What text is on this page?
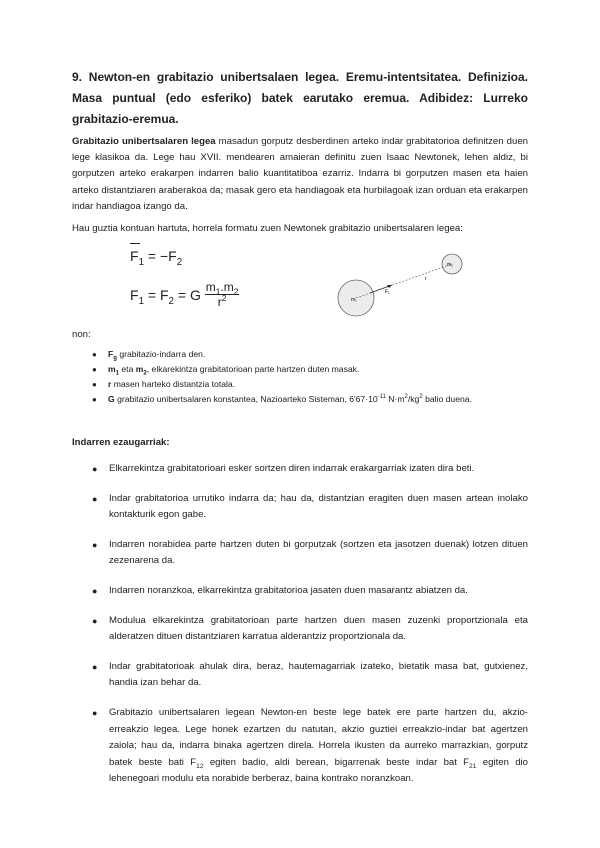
9. Newton-en grabitazio unibertsalaen legea. Eremu-intentsitatea. Definizioa. Masa puntual (edo esferiko) batek earutako eremua. Adibidez: Lurreko grabitazio-eremua.
Grabitazio unibertsalaren legea masadun gorputz desberdinen arteko indar grabitatorioa definitzen duen lege klasikoa da. Lege hau XVII. mendearen amaieran definitu zuen Isaac Newtonek, lehen aldiz, bi gorputzen arteko erakarpen indarren balio kuantitatiboa ezarriz. Indarra bi gorputzen masen eta haien arteko distantziaren araberakoa da; masak gero eta handiagoak eta hurbilagoak izan orduan eta erakarpen indar handiagoa izango da.
Hau guztia kontuan hartuta, horrela formatu zuen Newtonek grabitazio unibertsalaren legea:
$F_1 = -F_2$
$F_1 = F_2 = G \frac{m_1.m_2}{r^2}$	m₁
m₂
F₁
r
non:
● $F_g$ grabitazio-indarra den.
● $m_1$ eta $m_2$, elkarekintza grabitatorioan parte hartzen duten masak.
● r masen harteko distantzia totala.
● G grabitazio unibertsalaren konstantea, Nazioarteko Sisteman, $6'67\cdot 10^{-11}$ $N\cdot m^2/kg^2$ balio duena.
Indarren ezaugarriak:
● Elkarrekintza grabitatorioari esker sortzen diren indarrak erakargarriak izaten dira beti.
● Indar grabitatorioa urrutiko indarra da; hau da, distantzian eragiten duen masen artean inolako kontakturik egon gabe.
● Indarren norabidea parte hartzen duten bi gorputzak (sortzen eta jasotzen duenak) lotzen dituen zezenarena da.
● Indarren noranzkoa, elkarrekintza grabitatorioa jasaten duen masarantz abiatzen da.
● Modulua elkarekintza grabitatorioan parte hartzen duen masen zuzenki proportzionala eta alderatzen dituen distantziaren karratua alderantziz proportzionala da.
● Indar grabitatorioak ahulak dira, beraz, hautemagarriak izateko, bietatik masa bat, gutxienez, handia izan behar da.
● Grabitazio unibertsalaren legean Newton-en beste lege batek ere parte hartzen du, akzio-erreakzio legea. Lege honek ezartzen du natutan, akzio guztiei erreakzio-indar bat agertzen zaiola; hau da, indarra binaka agertzen direla. Horrela ikusten da aurreko marrazkian, gorputz batek beste bati $F_{12}$ egiten badio, aldi berean, bigarrenak beste indar bat $F_{21}$ egiten dio lehenegoari modulu eta norabide berberaz, baina kontrako noranzkoan.
